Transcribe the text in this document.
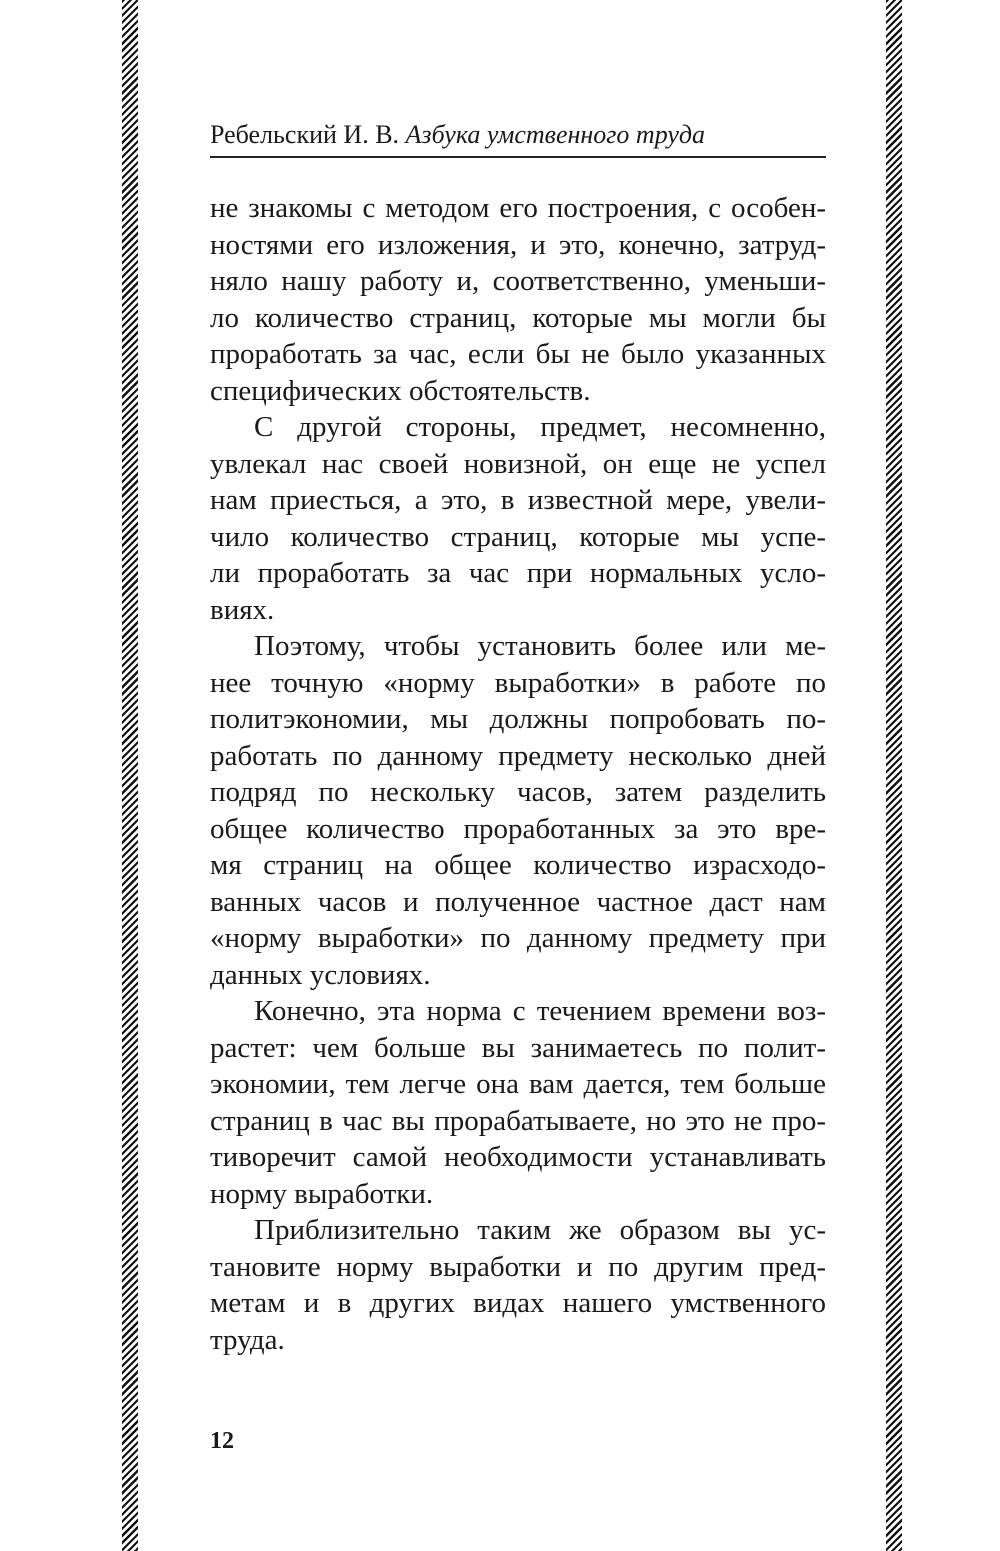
Ребельский И. В. Азбука умственного труда
не знакомы с методом его построения, с особен-
ностями его изложения, и это, конечно, затруд-
няло нашу работу и, соответственно, уменьши-
ло количество страниц, которые мы могли бы
проработать за час, если бы не было указанных
специфических обстоятельств.
С другой стороны, предмет, несомненно,
увлекал нас своей новизной, он еще не успел
нам приесться, а это, в известной мере, увели-
чило количество страниц, которые мы успе-
ли проработать за час при нормальных усло-
виях.
Поэтому, чтобы установить более или ме-
нее точную «норму выработки» в работе по
политэкономии, мы должны попробовать по-
работать по данному предмету несколько дней
подряд по нескольку часов, затем разделить
общее количество проработанных за это вре-
мя страниц на общее количество израсходо-
ванных часов и полученное частное даст нам
«норму выработки» по данному предмету при
данных условиях.
Конечно, эта норма с течением времени воз-
растет: чем больше вы занимаетесь по полит-
экономии, тем легче она вам дается, тем больше
страниц в час вы прорабатываете, но это не про-
тиворечит самой необходимости устанавливать
норму выработки.
Приблизительно таким же образом вы ус-
тановите норму выработки и по другим пред-
метам и в других видах нашего умственного
труда.
12
